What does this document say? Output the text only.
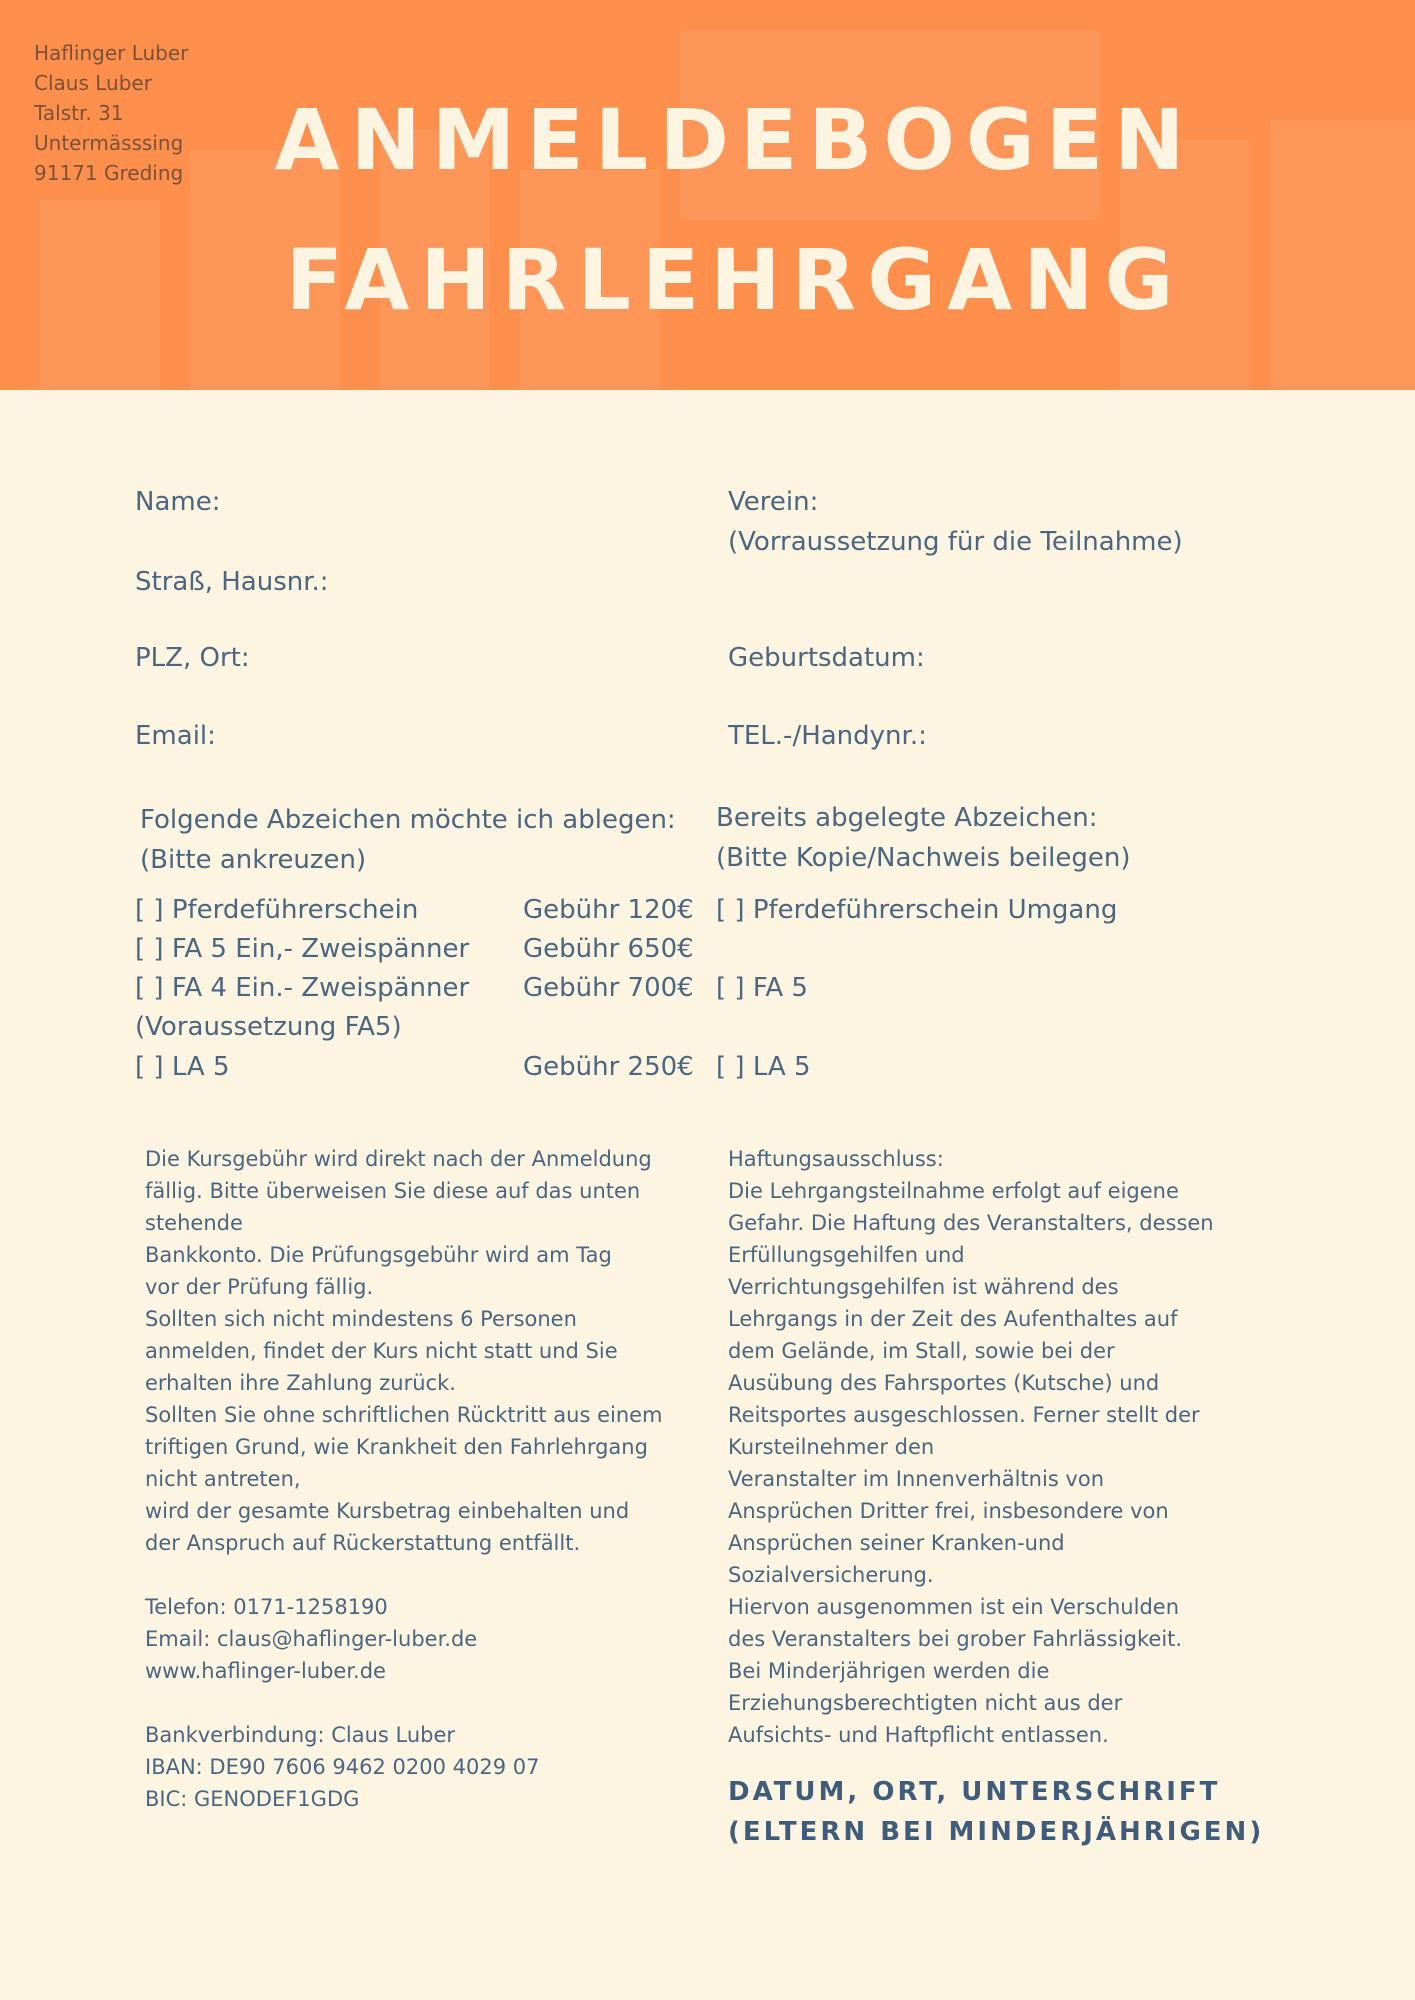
Haflinger Luber
Claus Luber
Talstr. 31
Untermässsing
91171 Greding	ANMELDEBOGEN
FAHRLEHRGANG
Name:	Verein:
(Vorraussetzung für die Teilnahme)
Straß, Hausnr.:
PLZ, Ort:	Geburtsdatum:
Email:	TEL.-/Handynr.:
Folgende Abzeichen möchte ich ablegen:
(Bitte ankreuzen)
[ ] Pferdeführerschein	Gebühr 120€
[ ] FA 5 Ein,- Zweispänner Gebühr 650€
[ ] FA 4 Ein.- Zweispänner Gebühr 700€
(Voraussetzung FA5)
[ ] LA 5	Gebühr 250€
Bereits abgelegte Abzeichen:
(Bitte Kopie/Nachweis beilegen)
[ ] Pferdeführerschein Umgang
[ ] FA 5
[ ] LA 5
Die Kursgebühr wird direkt nach der Anmeldung
fällig. Bitte überweisen Sie diese auf das unten
stehende
Bankkonto. Die Prüfungsgebühr wird am Tag
vor der Prüfung fällig.
Sollten sich nicht mindestens 6 Personen
anmelden, findet der Kurs nicht statt und Sie
erhalten ihre Zahlung zurück.
Sollten Sie ohne schriftlichen Rücktritt aus einem
triftigen Grund, wie Krankheit den Fahrlehrgang
nicht antreten,
wird der gesamte Kursbetrag einbehalten und
der Anspruch auf Rückerstattung entfällt.
Telefon: 0171-1258190
Email: claus@haflinger-luber.de
www.haflinger-luber.de
Bankverbindung: Claus Luber
IBAN: DE90 7606 9462 0200 4029 07
BIC: GENODEF1GDG
Haftungsausschluss:
Die Lehrgangsteilnahme erfolgt auf eigene
Gefahr. Die Haftung des Veranstalters, dessen
Erfüllungsgehilfen und
Verrichtungsgehilfen ist während des
Lehrgangs in der Zeit des Aufenthaltes auf
dem Gelände, im Stall, sowie bei der
Ausübung des Fahrsportes (Kutsche) und
Reitsportes ausgeschlossen. Ferner stellt der
Kursteilnehmer den
Veranstalter im Innenverhältnis von
Ansprüchen Dritter frei, insbesondere von
Ansprüchen seiner Kranken-und
Sozialversicherung.
Hiervon ausgenommen ist ein Verschulden
des Veranstalters bei grober Fahrlässigkeit.
Bei Minderjährigen werden die
Erziehungsberechtigten nicht aus der
Aufsichts- und Haftpflicht entlassen.
DATUM, ORT, UNTERSCHRIFT
(ELTERN BEI MINDERJÄHRIGEN)
